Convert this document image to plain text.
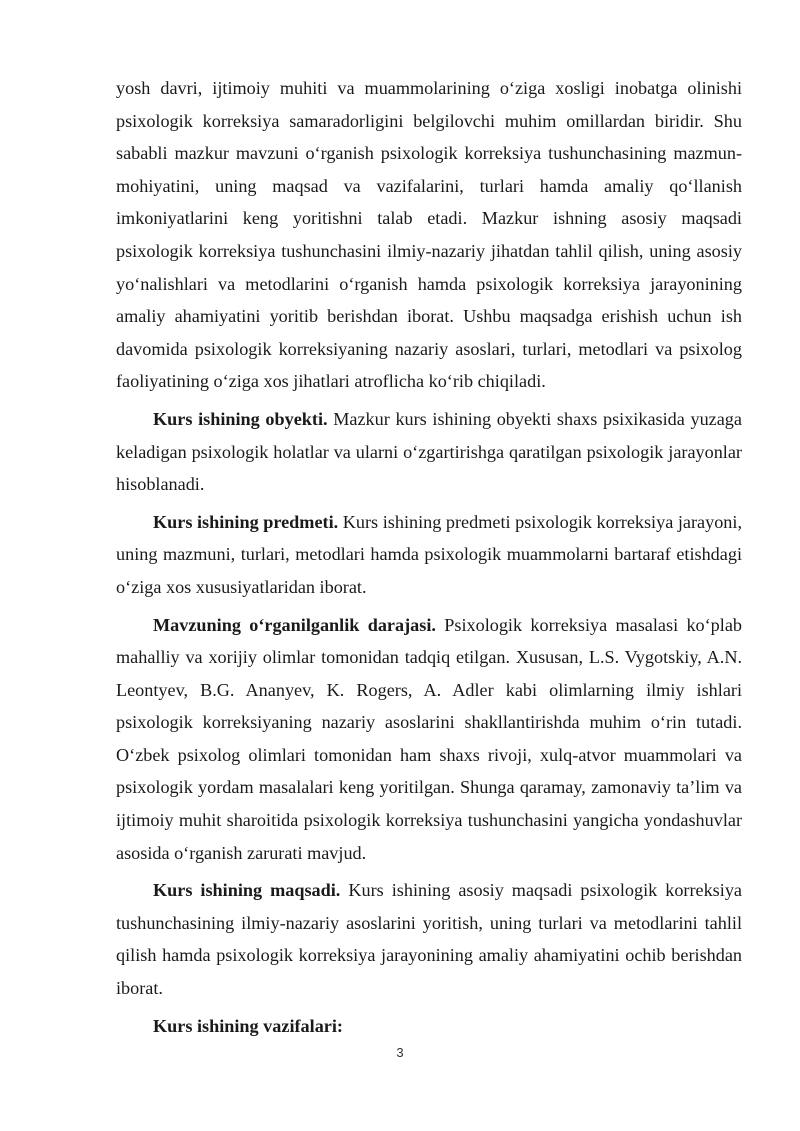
yosh davri, ijtimoiy muhiti va muammolarining o‘ziga xosligi inobatga olinishi psixologik korreksiya samaradorligini belgilovchi muhim omillardan biridir. Shu sababli mazkur mavzuni o‘rganish psixologik korreksiya tushunchasining mazmun-mohiyatini, uning maqsad va vazifalarini, turlari hamda amaliy qo‘llanish imkoniyatlarini keng yoritishni talab etadi. Mazkur ishning asosiy maqsadi psixologik korreksiya tushunchasini ilmiy-nazariy jihatdan tahlil qilish, uning asosiy yo‘nalishlari va metodlarini o‘rganish hamda psixologik korreksiya jarayonining amaliy ahamiyatini yoritib berishdan iborat. Ushbu maqsadga erishish uchun ish davomida psixologik korreksiyaning nazariy asoslari, turlari, metodlari va psixolog faoliyatining o‘ziga xos jihatlari atroflicha ko‘rib chiqiladi.

Kurs ishining obyekti. Mazkur kurs ishining obyekti shaxs psixikasida yuzaga keladigan psixologik holatlar va ularni o‘zgartirishga qaratilgan psixologik jarayonlar hisoblanadi.

Kurs ishining predmeti. Kurs ishining predmeti psixologik korreksiya jarayoni, uning mazmuni, turlari, metodlari hamda psixologik muammolarni bartaraf etishdagi o‘ziga xos xususiyatlaridan iborat.

Mavzuning o‘rganilganlik darajasi. Psixologik korreksiya masalasi ko‘plab mahalliy va xorijiy olimlar tomonidan tadqiq etilgan. Xususan, L.S. Vygotskiy, A.N. Leontyev, B.G. Ananyev, K. Rogers, A. Adler kabi olimlarning ilmiy ishlari psixologik korreksiyaning nazariy asoslarini shakllantirishda muhim o‘rin tutadi. O‘zbek psixolog olimlari tomonidan ham shaxs rivoji, xulq-atvor muammolari va psixologik yordam masalalari keng yoritilgan. Shunga qaramay, zamonaviy ta’lim va ijtimoiy muhit sharoitida psixologik korreksiya tushunchasini yangicha yondashuvlar asosida o‘rganish zarurati mavjud.

Kurs ishining maqsadi. Kurs ishining asosiy maqsadi psixologik korreksiya tushunchasining ilmiy-nazariy asoslarini yoritish, uning turlari va metodlarini tahlil qilish hamda psixologik korreksiya jarayonining amaliy ahamiyatini ochib berishdan iborat.

Kurs ishining vazifalari:

3
